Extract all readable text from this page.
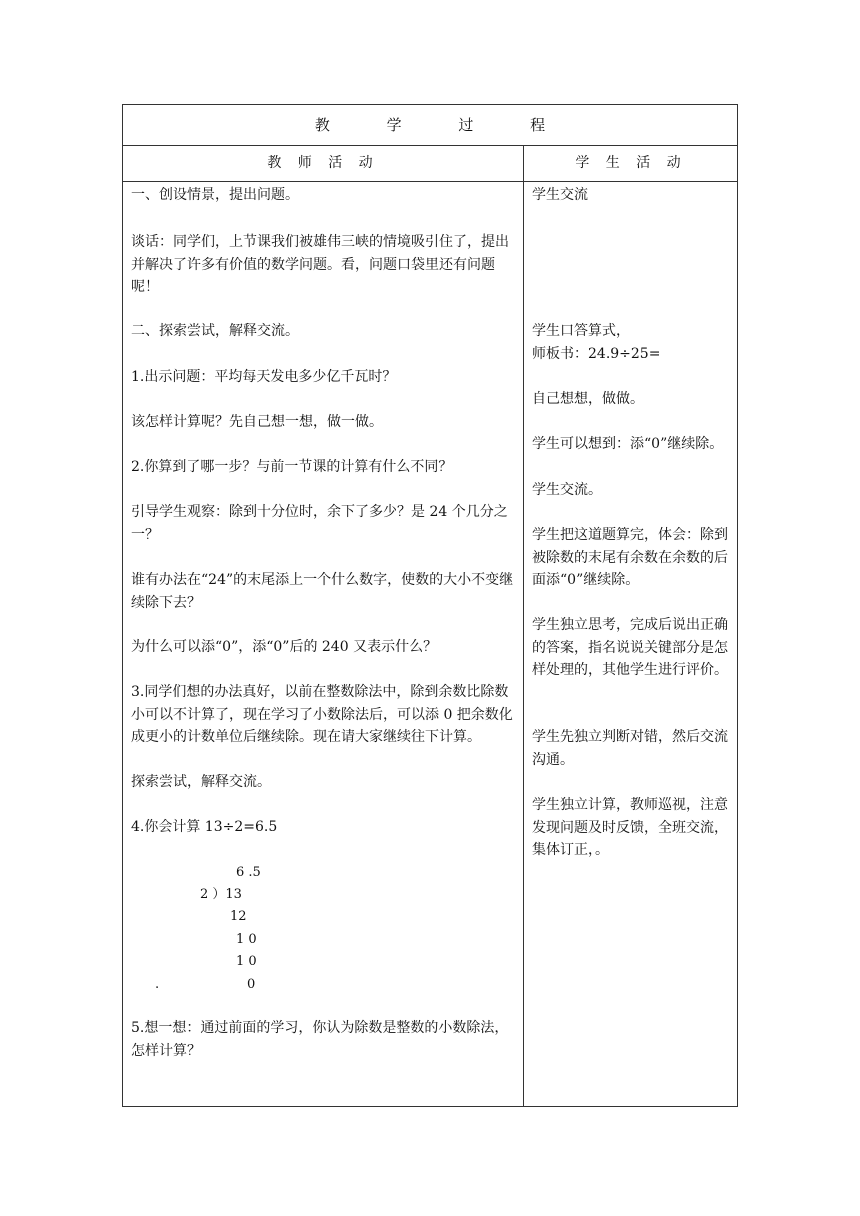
教 学 过 程
教 师 活 动	学 生 活 动

一、创设情景，提出问题。

谈话：同学们，上节课我们被雄伟三峡的情境吸引住了，提出并解决了许多有价值的数学问题。看，问题口袋里还有问题呢！

二、探索尝试，解释交流。

1.出示问题：平均每天发电多少亿千瓦时？

该怎样计算呢？先自己想一想，做一做。

2.你算到了哪一步？与前一节课的计算有什么不同？

引导学生观察：除到十分位时，余下了多少？是 24 个几分之一？

谁有办法在“24”的末尾添上一个什么数字，使数的大小不变继续除下去？

为什么可以添“0”，添“0”后的 240 又表示什么？

3.同学们想的办法真好，以前在整数除法中，除到余数比除数小可以不计算了，现在学习了小数除法后，可以添 0 把余数化成更小的计数单位后继续除。现在请大家继续往下计算。

探索尝试，解释交流。

4.你会计算 13÷2=6.5

6 .5
2 ）13
12
1 0
1 0
.	0

5.想一想：通过前面的学习，你认为除数是整数的小数除法，怎样计算？

学生交流

学生口答算式，

师板书：24.9÷25=

自己想想，做做。

学生可以想到：添“0”继续除。

学生交流。

学生把这道题算完，体会：除到被除数的末尾有余数在余数的后面添“0”继续除。

学生独立思考，完成后说出正确的答案，指名说说关键部分是怎样处理的，其他学生进行评价。

学生先独立判断对错，然后交流沟通。

学生独立计算，教师巡视，注意发现问题及时反馈，全班交流，集体订正，。
